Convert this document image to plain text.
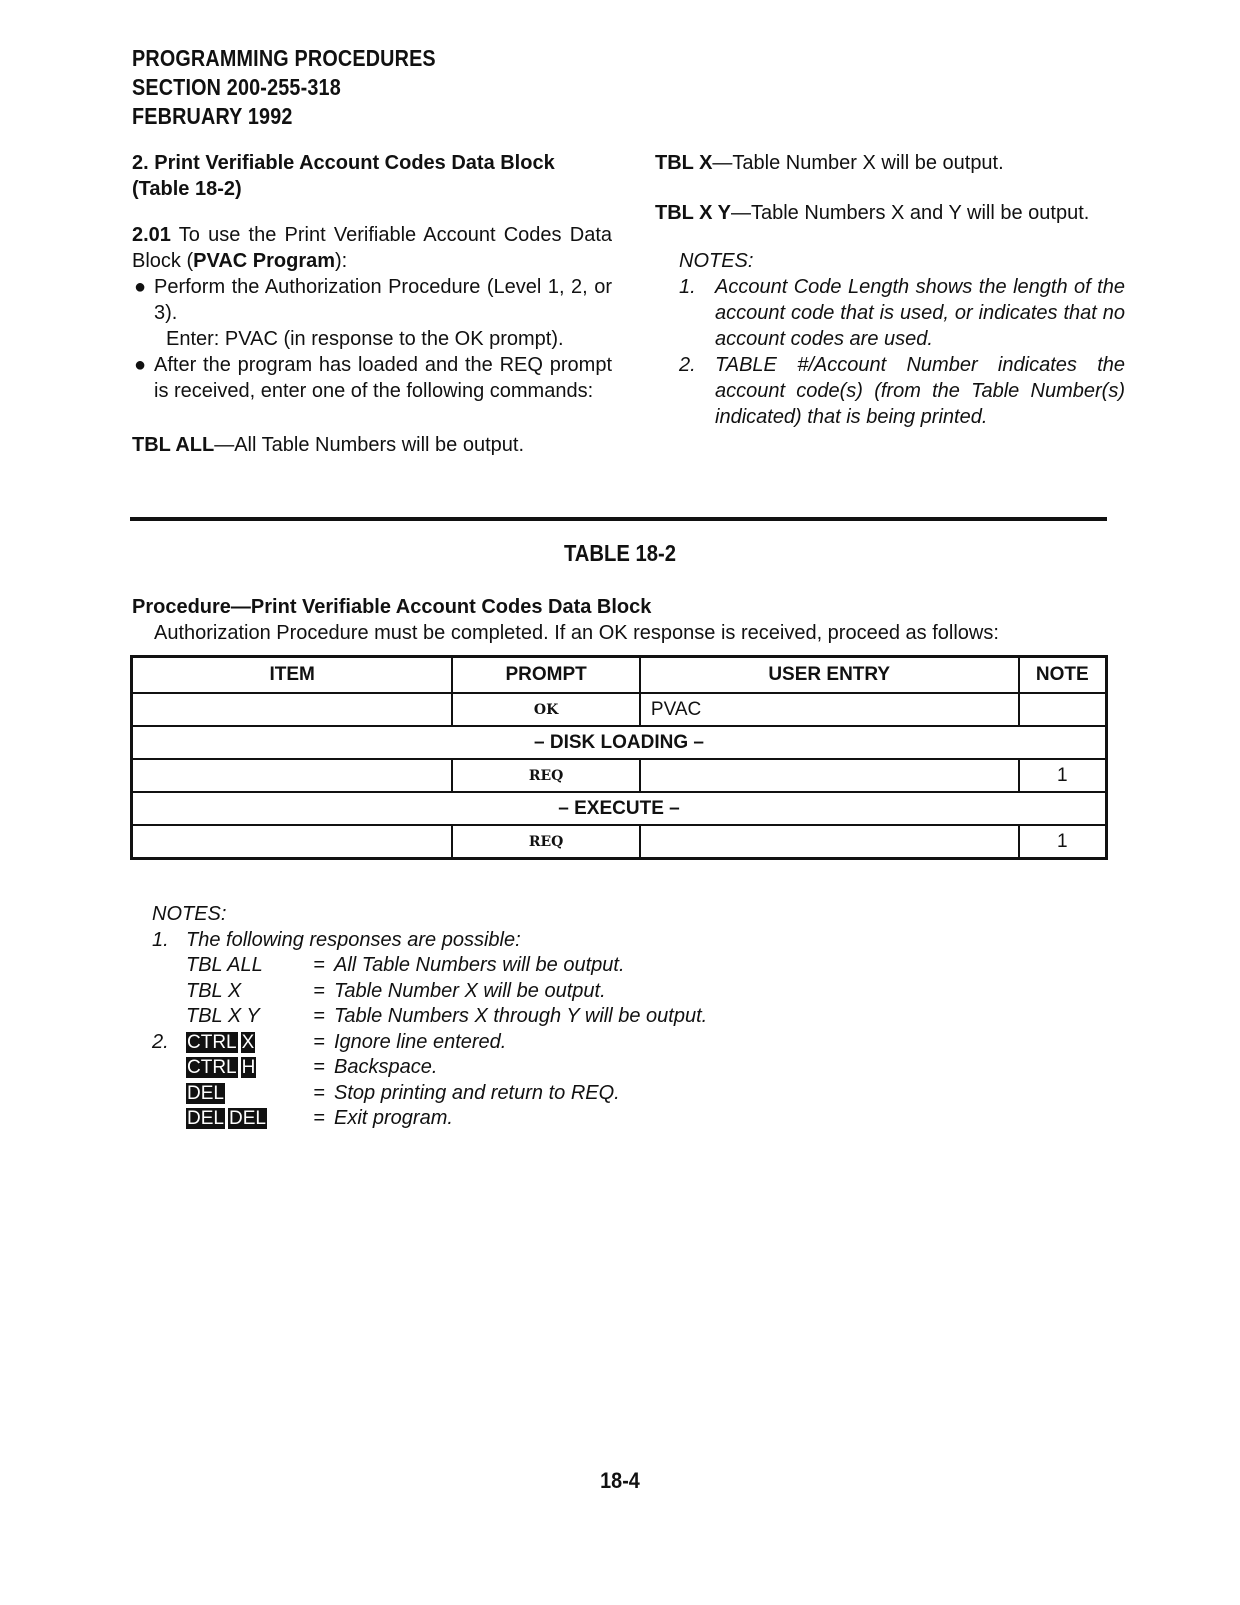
PROGRAMMING PROCEDURES
SECTION 200-255-318
FEBRUARY 1992
2. Print Verifiable Account Codes Data Block (Table 18-2)
2.01 To use the Print Verifiable Account Codes Data Block (PVAC Program):
● Perform the Authorization Procedure (Level 1, 2, or 3).
Enter: PVAC (in response to the OK prompt).
● After the program has loaded and the REQ prompt is received, enter one of the following commands:
TBL ALL—All Table Numbers will be output.
TBL X—Table Number X will be output.
TBL X Y—Table Numbers X and Y will be output.
NOTES:
1. Account Code Length shows the length of the account code that is used, or indicates that no account codes are used.
2. TABLE #/Account Number indicates the account code(s) (from the Table Number(s) indicated) that is being printed.
TABLE 18-2
Procedure—Print Verifiable Account Codes Data Block
Authorization Procedure must be completed. If an OK response is received, proceed as follows:
ITEM	PROMPT	USER ENTRY	NOTE
	OK	PVAC	
– DISK LOADING –			
	REQ		1
– EXECUTE –			
	REQ		1
NOTES:
1. The following responses are possible:
TBL ALL	= All Table Numbers will be output.
TBL X	= Table Number X will be output.
TBL X Y	= Table Numbers X through Y will be output.
2. CTRL X	= Ignore line entered.
CTRL H	= Backspace.
DEL	= Stop printing and return to REQ.
DEL DEL	= Exit program.
18-4
